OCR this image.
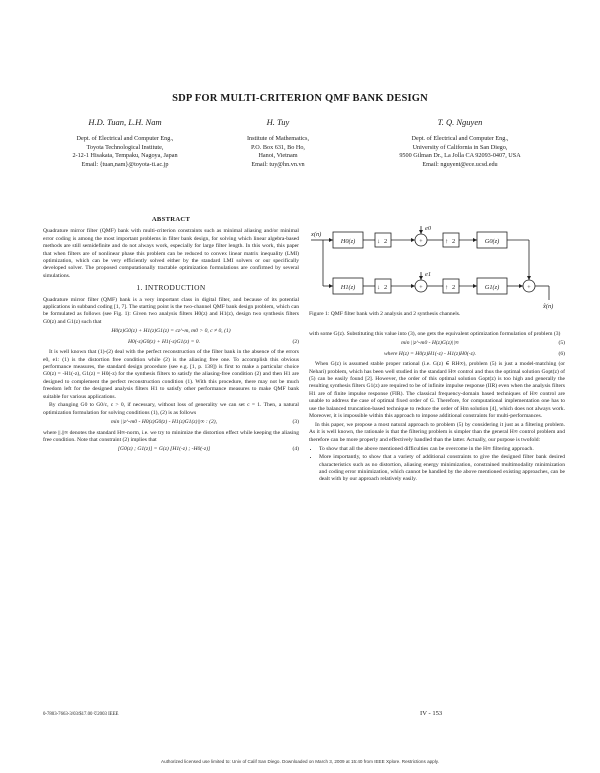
SDP FOR MULTI-CRITERION QMF BANK DESIGN
H.D. Tuan, L.H. Nam
Dept. of Electrical and Computer Eng.,
Toyota Technological Institute,
2-12-1 Hisakata, Tempaku, Nagoya, Japan
Email: {tuan,nam}@toyota-ti.ac.jp
H. Tuy
Institute of Mathematics,
P.O. Box 631, Bo Ho,
Hanoi, Vietnam
Email: tuy@hn.vn.vn
T. Q. Nguyen
Dept. of Electrical and Computer Eng.,
University of California in San Diego,
9500 Gilman Dr., La Jolla CA 92093-0407, USA
Email: nguyent@ece.ucsd.edu
ABSTRACT

Quadrature mirror filter (QMF) bank with multi-criterion constraints such as minimal aliasing and/or minimal error coding is among the most important problems in filter bank design, for solving which linear algebra-based methods are still semidefinite and do not always work, especially for large filter length. In this work, this paper that when filters are of nonlinear phase this problem can be reduced to convex linear matrix inequality (LMI) optimization, which can be very efficiently solved either by the standard LMI solvers or our specifically developed solver. The proposed computationally tractable optimization formulations are confirmed by several simulations.

1. INTRODUCTION

Quadrature mirror filter (QMF) bank is a very important class in digital filter, and because of its potential applications in subband coding [1, 7]. The starting point is the two-channel QMF bank design problem, which can be formulated as follows (see Fig. 1): Given two analysis filters H0(z) and H1(z), design two synthesis filters G0(z) and G1(z) such that

H0(z)G0(z) + H1(z)G1(z) = cz^-m, m0 > 0, c ≠ 0, (1)
H0(-z)G0(z) + H1(-z)G1(z) = 0.	(2)

It is well known that (1)-(2) deal with the perfect reconstruction of the filter bank in the absence of the errors e0, e1: (1) is the distortion free condition while (2) is the aliasing free one. To accomplish this obvious performance measures, the standard design procedure (see e.g. [1, p. 138]) is first to make a particular choice G0(z) = -H1(-z), G1(z) = H0(-z) for the synthesis filters to satisfy the aliasing-free condition (2) and then H1 are designed to complement the perfect reconstruction condition (1). With this procedure, there may not be much freedom left for the designed analysis filters H1 to satisfy other performance measures to make QMF bank suitable for various applications.

By changing G0 to G0/c, c > 0, if necessary, without loss of generality we can set c = 1. Then, a natural optimization formulation for solving conditions (1), (2) is as follows

min ||z^-m0 - H0(z)G0(z) - H1(z)G1(z)||∞ : (2),	(3)

where ||.||∞ denotes the standard H∞-norm, i.e. we try to minimize the distortion effect while keeping the aliasing free condition. Note that constraint (2) implies that

[G0(z) ; G1(z)] = G(z) [H1(-z) ; -H0(-z)]	(4)
+
+	+
x(n)
H0(z)
H1(z)
e0
e1
G0(z)
G1(z)
x̂(n)
↓ 2
↓ 2
↑ 2
↑ 2
Figure 1: QMF filter bank with 2 analysis and 2 synthesis channels.

with some G(z). Substituting this value into (3), one gets the equivalent optimization formulation of problem (3)

min ||z^-m0 - H(z)G(z)||∞	(5)
where H(z) = H0(z)H1(-z) - H1(z)H0(-z).	(6)

When G(z) is assumed stable proper rational (i.e. G(z) ∈ RH∞), problem (5) is just a model-matching (or Nehari) problem, which has been well studied in the standard H∞ control and thus the optimal solution Gopt(z) of (5) can be easily found [2]. However, the order of this optimal solution Gopt(z) is too high and generally the resulting synthesis filters G1(z) are required to be of infinite impulse response (IIR) even when the analysis filters H1 are of finite impulse response (FIR). The classical frequency-domain based techniques of H∞ control are unable to address the case of optimal fixed order of G. Therefore, for computational implementation one has to use the balanced truncation-based technique to reduce the order of Hm solution [4], which does not always work. Moreover, it is impossible within this approach to impose additional constraints for multi-performances.

In this paper, we propose a most natural approach to problem (5) by considering it just as a filtering problem. As it is well known, the rationale is that the filtering problem is simpler than the general H∞ control problem and therefore can be more properly and effectively handled than the latter. Actually, our purpose is twofold:

• To show that all the above mentioned difficulties can be overcome in the H∞ filtering approach.
• More importantly, to show that a variety of additional constraints to give the designed filter bank desired characteristics such as no distortion, aliasing energy minimization, constrained multimodality minimization and coding error minimization, which cannot be handled by the above mentioned existing approaches, can be dealt with by our approach relatively easily.
0-7803-7663-3/03/$17.00 ©2003 IEEE	IV - 153
Authorized licensed use limited to: Univ of Calif San Diego. Downloaded on March 3, 2009 at 15:40 from IEEE Xplore. Restrictions apply.
